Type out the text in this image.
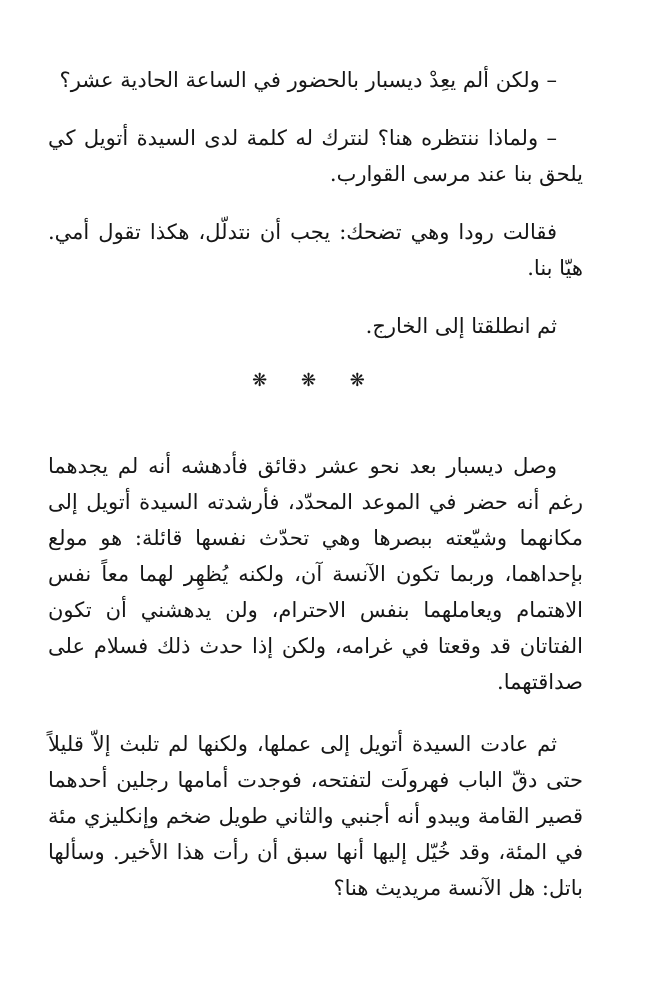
– ولكن ألم يعِدْ ديسبار بالحضور في الساعة الحادية عشر؟

– ولماذا ننتظره هنا؟ لنترك له كلمة لدى السيدة أتويل كي يلحق بنا عند مرسى القوارب.

فقالت رودا وهي تضحك: يجب أن نتدلّل، هكذا تقول أمي. هيّا بنا.

ثم انطلقتا إلى الخارج.

❋ ❋ ❋

وصل ديسبار بعد نحو عشر دقائق فأدهشه أنه لم يجدهما رغم أنه حضر في الموعد المحدّد، فأرشدته السيدة أتويل إلى مكانهما وشيّعته ببصرها وهي تحدّث نفسها قائلة: هو مولع بإحداهما، وربما تكون الآنسة آن، ولكنه يُظهِر لهما معاً نفس الاهتمام ويعاملهما بنفس الاحترام، ولن يدهشني أن تكون الفتاتان قد وقعتا في غرامه، ولكن إذا حدث ذلك فسلام على صداقتهما.

ثم عادت السيدة أتويل إلى عملها، ولكنها لم تلبث إلاّ قليلاً حتى دقّ الباب فهرولَت لتفتحه، فوجدت أمامها رجلين أحدهما قصير القامة ويبدو أنه أجنبي والثاني طويل ضخم وإنكليزي مئة في المئة، وقد خُيّل إليها أنها سبق أن رأت هذا الأخير. وسألها باتل: هل الآنسة مريديث هنا؟
